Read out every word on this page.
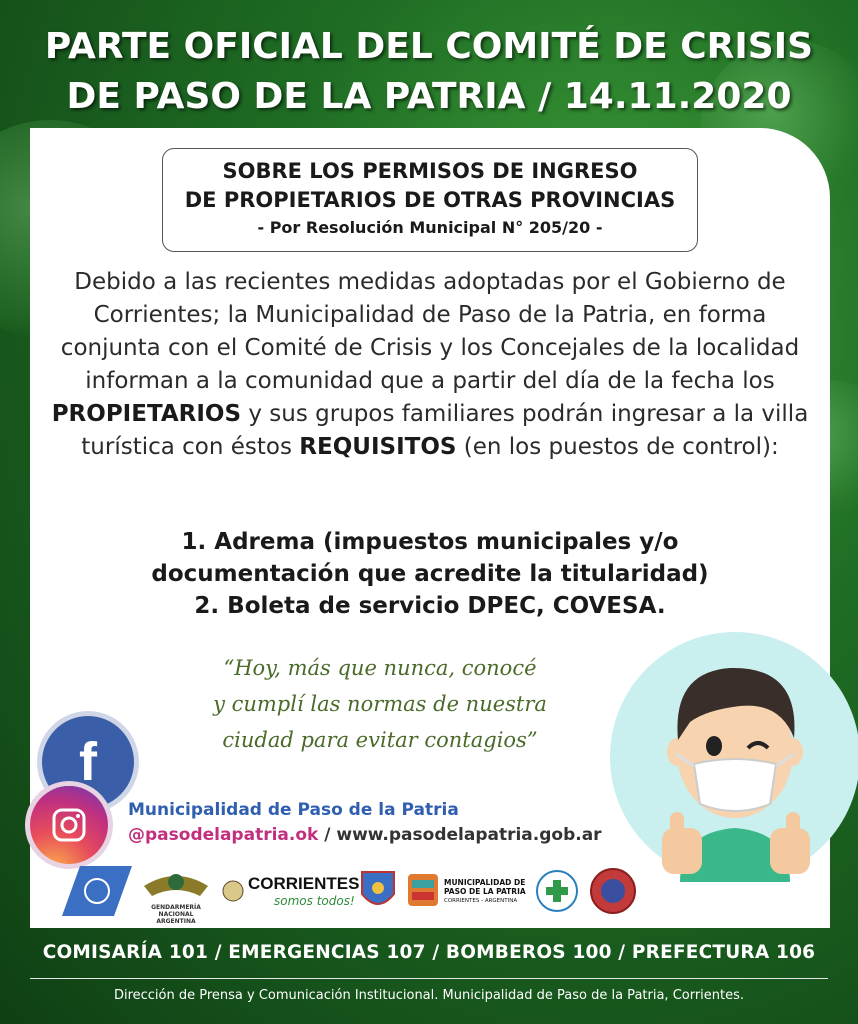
PARTE OFICIAL DEL COMITÉ DE CRISIS
DE PASO DE LA PATRIA / 14.11.2020
SOBRE LOS PERMISOS DE INGRESO
DE PROPIETARIOS DE OTRAS PROVINCIAS
- Por Resolución Municipal N° 205/20 -
Debido a las recientes medidas adoptadas por el Gobierno de Corrientes; la Municipalidad de Paso de la Patria, en forma conjunta con el Comité de Crisis y los Concejales de la localidad informan a la comunidad que a partir del día de la fecha los PROPIETARIOS y sus grupos familiares podrán ingresar a la villa turística con éstos REQUISITOS (en los puestos de control):
1. Adrema (impuestos municipales y/o
documentación que acredite la titularidad)
2. Boleta de servicio DPEC, COVESA.
“Hoy, más que nunca, conocé
y cumplí las normas de nuestra
ciudad para evitar contagios”
f
Municipalidad de Paso de la Patria
@pasodelapatria.ok / www.pasodelapatria.gob.ar
GENDARMERÍA NACIONAL ARGENTINA
CORRIENTES
somos todos!
MUNICIPALIDAD DE
PASO DE LA PATRIA
CORRIENTES - ARGENTINA
COMISARÍA 101 / EMERGENCIAS 107 / BOMBEROS 100 / PREFECTURA 106
Dirección de Prensa y Comunicación Institucional. Municipalidad de Paso de la Patria, Corrientes.
